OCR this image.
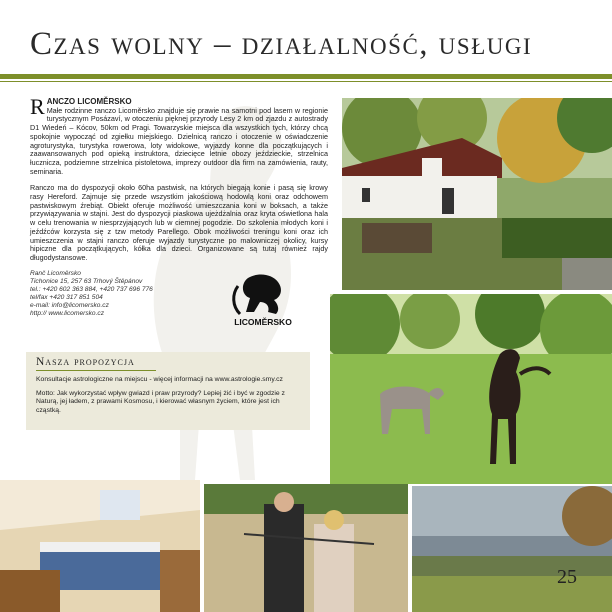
Czas wolny – działalność, usługi

RANCZO LICOMĚRSKO
Małe rodzinne ranczo Licoměrsko znajduje się prawie na samotni pod lasem w regionie turystycznym Posázaví, w otoczeniu pięknej przyrody Lesy 2 km od zjazdu z autostrady D1 Wiedeń – Kócov, 50km od Pragi. Towarzyskie miejsca dla wszystkich tych, którzy chcą spokojnie wypocząć od zgiełku miejskiego. Dzielnicą ranczo i otoczenie w oświadczenie agroturystyka, turystyka rowerowa, loty widokowe, wyjazdy konne dla początkujących i zaawansowanych pod opieką instruktora, dziecięce letnie obozy jeździeckie, strzelnica łucznicza, podziemne strzelnica pistoletowa, imprezy outdoor dla firm na zamówienia, rauty, seminaria.

Ranczo ma do dyspozycji około 60ha pastwisk, na których biegają konie i pasą się krowy rasy Hereford. Zajmuje się przede wszystkim jakościową hodowlą koni oraz odchowem pastwiskowym źrebiąt. Obiekt oferuje możliwość umieszczania koni w boksach, a także przywiązywania w stajni. Jest do dyspozycji piaskowa ujeżdżalnia oraz kryta oświetlona hala w celu trenowania w niesprzyjających lub w ciemnej pogodzie. Do szkolenia młodych koni i jeźdźców korzysta się z tzw metody Parellego. Obok możliwości treningu koni oraz ich umieszczenia w stajni ranczo oferuje wyjazdy turystyczne po malowniczej okolicy, kursy hipiczne dla początkujących, kółka dla dzieci. Organizowane są tutaj również rajdy długodystansowe.

Ranč Licoměrsko
Tichonice 15, 257 63 Trhový Štěpánov
tel.: +420 602 363 884, +420 737 696 776
tel/fax +420 317 851 504
e-mail: info@licomersko.cz
http:// www.licomersko.cz
LICOMĚRSKO
Nasza propozycja

Konsultacje astrologiczne na miejscu - więcej informacji na www.astrologie.smy.cz

Motto: Jak wykorzystać wpływ gwiazd i praw przyrody? Lepiej żić i być w zgodzie z Naturą, jej ładem, z prawami Kosmosu, i kierować własnym życiem, które jest ich cząstką.

25
